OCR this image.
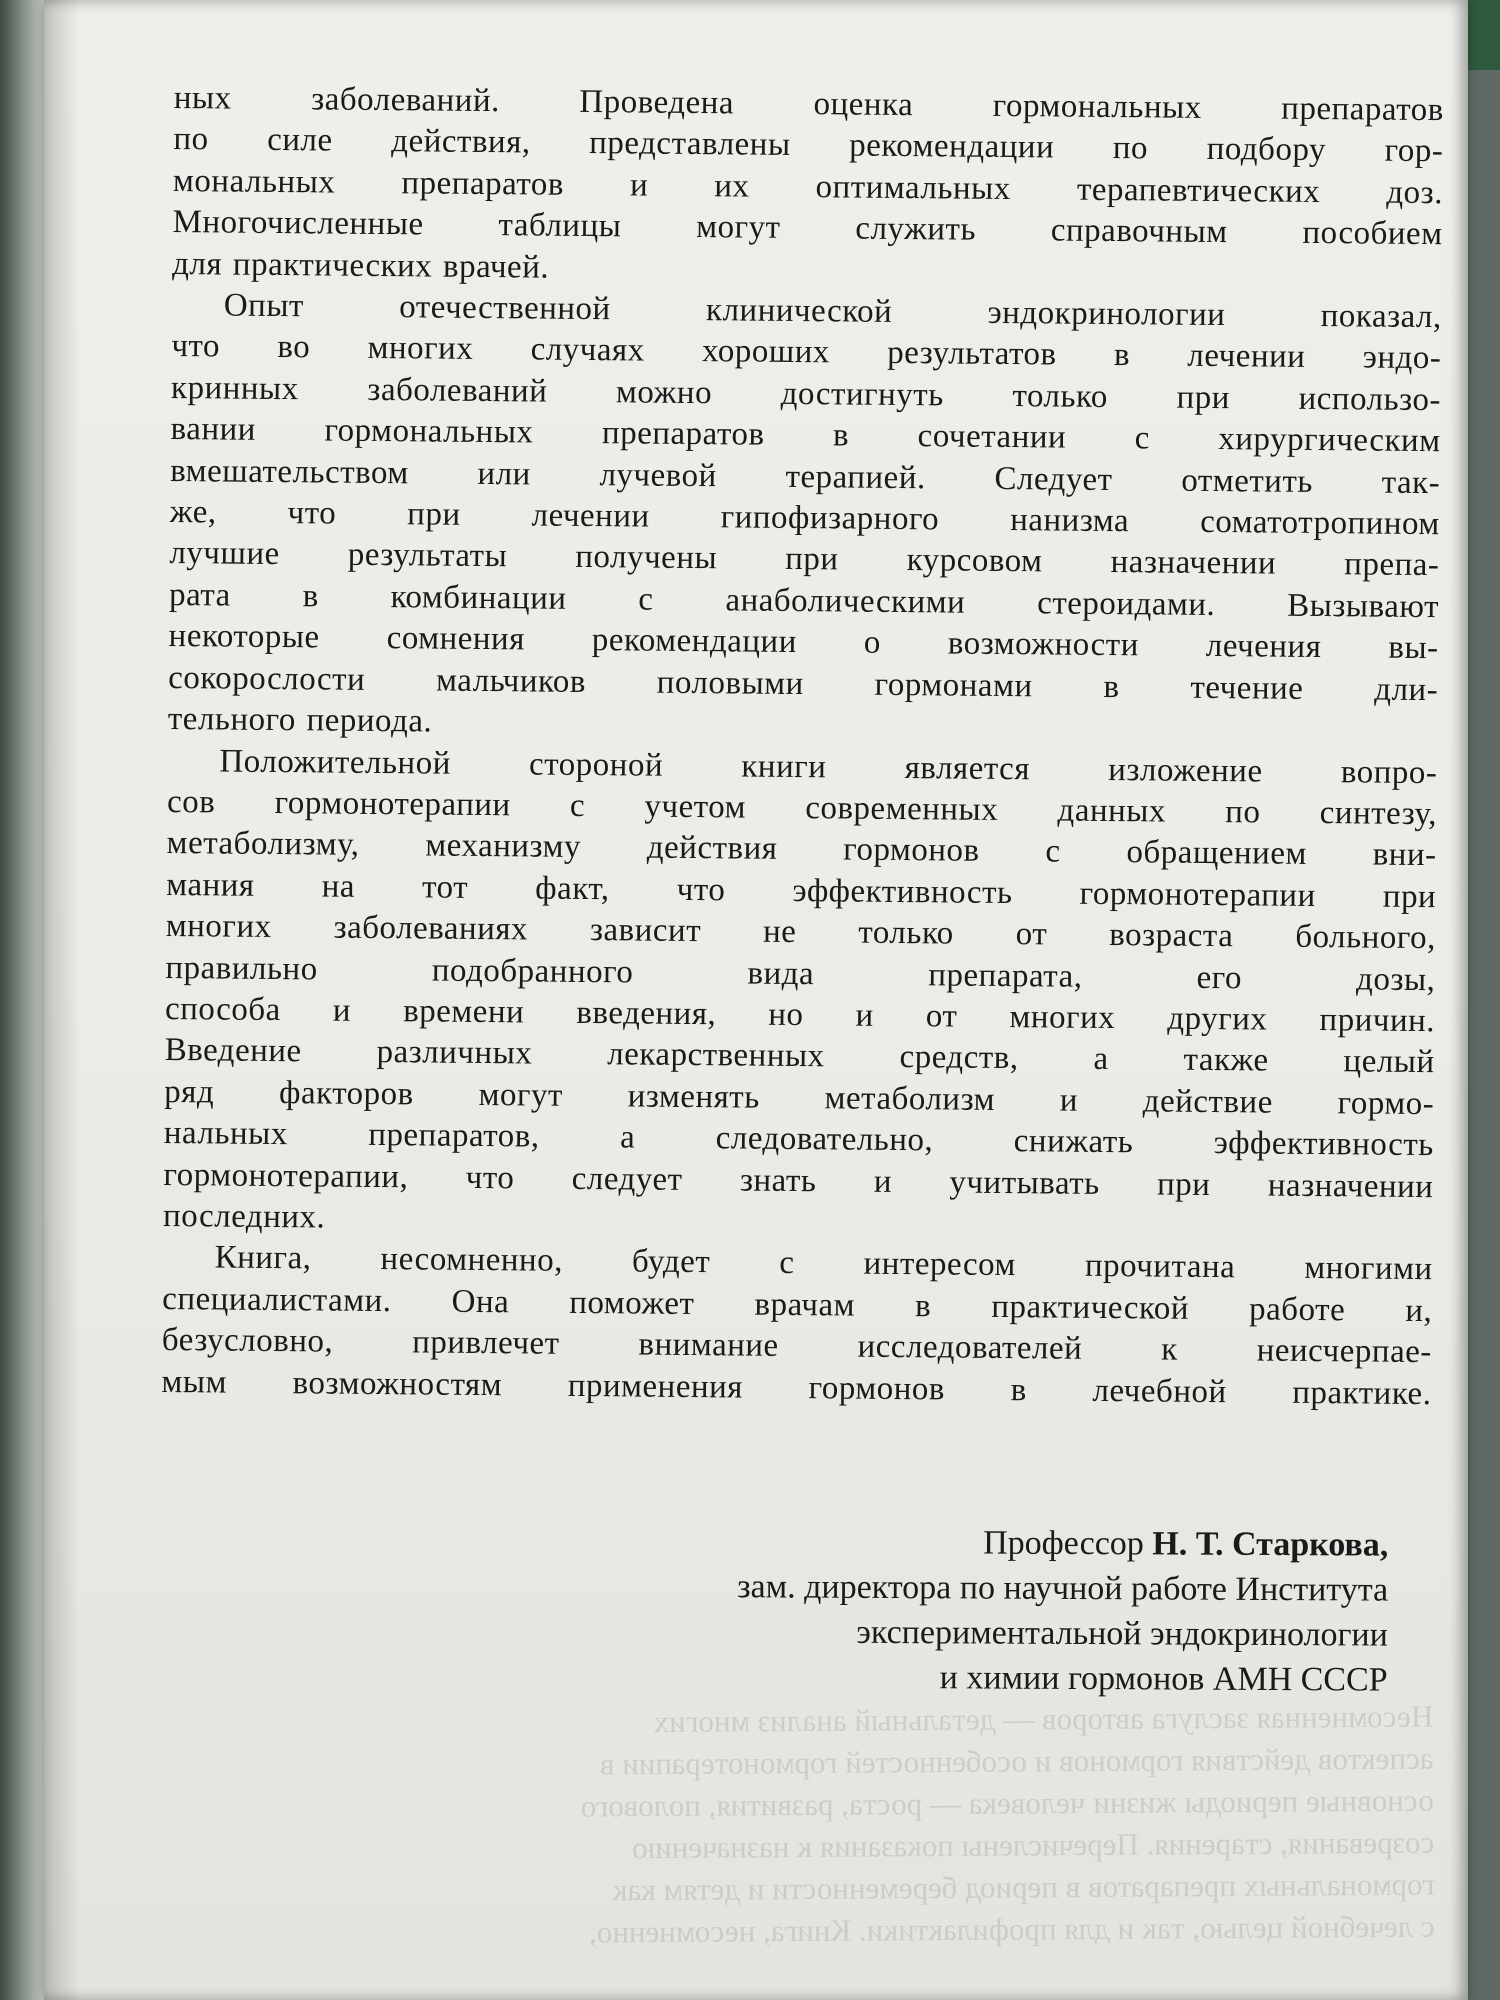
Несомненная заслуга авторов — детальный анализ многих
аспектов действия гормонов и особенностей гормонотерапии в
основные периоды жизни человека — роста, развития, полового
созревания, старения. Перечислены показания к назначению
гормональных препаратов в период беременности и детям как
с лечебной целью, так и для профилактики. Книга, несомненно,
ных заболеваний. Проведена оценка гормональных препаратов
по силе действия, представлены рекомендации по подбору гор-
мональных препаратов и их оптимальных терапевтических доз.
Многочисленные таблицы могут служить справочным пособием
для практических врачей.
Опыт отечественной клинической эндокринологии показал,
что во многих случаях хороших результатов в лечении эндо-
кринных заболеваний можно достигнуть только при использо-
вании гормональных препаратов в сочетании с хирургическим
вмешательством или лучевой терапией. Следует отметить так-
же, что при лечении гипофизарного нанизма соматотропином
лучшие результаты получены при курсовом назначении препа-
рата в комбинации с анаболическими стероидами. Вызывают
некоторые сомнения рекомендации о возможности лечения вы-
сокорослости мальчиков половыми гормонами в течение дли-
тельного периода.
Положительной стороной книги является изложение вопро-
сов гормонотерапии с учетом современных данных по синтезу,
метаболизму, механизму действия гормонов с обращением вни-
мания на тот факт, что эффективность гормонотерапии при
многих заболеваниях зависит не только от возраста больного,
правильно подобранного вида препарата, его дозы,
способа и времени введения, но и от многих других причин.
Введение различных лекарственных средств, а также целый
ряд факторов могут изменять метаболизм и действие гормо-
нальных препаратов, а следовательно, снижать эффективность
гормонотерапии, что следует знать и учитывать при назначении
последних.
Книга, несомненно, будет с интересом прочитана многими
специалистами. Она поможет врачам в практической работе и,
безусловно, привлечет внимание исследователей к неисчерпае-
мым возможностям применения гормонов в лечебной практике.
Профессор Н. Т. Старкова,
зам. директора по научной работе Института
экспериментальной эндокринологии
и химии гормонов АМН СССР
